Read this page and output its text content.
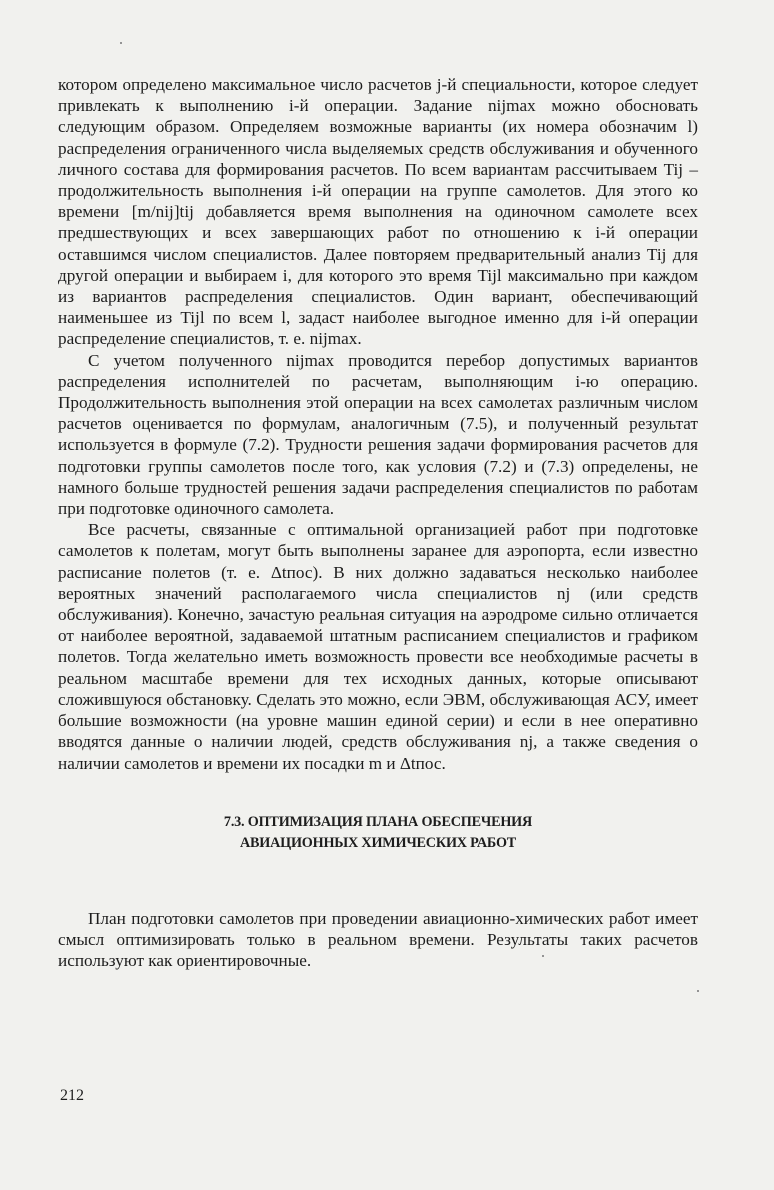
котором определено максимальное число расчетов j-й специальности, которое следует привлекать к выполнению i-й операции. Задание nijmax можно обосновать следующим образом. Определяем возможные варианты (их номера обозначим l) распределения ограниченного числа выделяемых средств обслуживания и обученного личного состава для формирования расчетов. По всем вариантам рассчитываем Tij – продолжительность выполнения i-й операции на группе самолетов. Для этого ко времени [m/nij]tij добавляется время выполнения на одиночном самолете всех предшествующих и всех завершающих работ по отношению к i-й операции оставшимся числом специалистов. Далее повторяем предварительный анализ Tij для другой операции и выбираем i, для которого это время Tijl максимально при каждом из вариантов распределения специалистов. Один вариант, обеспечивающий наименьшее из Tijl по всем l, задаст наиболее выгодное именно для i-й операции распределение специалистов, т. е. nijmax.

С учетом полученного nijmax проводится перебор допустимых вариантов распределения исполнителей по расчетам, выполняющим i-ю операцию. Продолжительность выполнения этой операции на всех самолетах различным числом расчетов оценивается по формулам, аналогичным (7.5), и полученный результат используется в формуле (7.2). Трудности решения задачи формирования расчетов для подготовки группы самолетов после того, как условия (7.2) и (7.3) определены, не намного больше трудностей решения задачи распределения специалистов по работам при подготовке одиночного самолета.

Все расчеты, связанные с оптимальной организацией работ при подготовке самолетов к полетам, могут быть выполнены заранее для аэропорта, если известно расписание полетов (т. е. Δtпос). В них должно задаваться несколько наиболее вероятных значений располагаемого числа специалистов nj (или средств обслуживания). Конечно, зачастую реальная ситуация на аэродроме сильно отличается от наиболее вероятной, задаваемой штатным расписанием специалистов и графиком полетов. Тогда желательно иметь возможность провести все необходимые расчеты в реальном масштабе времени для тех исходных данных, которые описывают сложившуюся обстановку. Сделать это можно, если ЭВМ, обслуживающая АСУ, имеет большие возможности (на уровне машин единой серии) и если в нее оперативно вводятся данные о наличии людей, средств обслуживания nj, а также сведения о наличии самолетов и времени их посадки m и Δtпос.

7.3. ОПТИМИЗАЦИЯ ПЛАНА ОБЕСПЕЧЕНИЯ
АВИАЦИОННЫХ ХИМИЧЕСКИХ РАБОТ

План подготовки самолетов при проведении авиационно-химических работ имеет смысл оптимизировать только в реальном времени. Результаты таких расчетов используют как ориентировочные.

212
